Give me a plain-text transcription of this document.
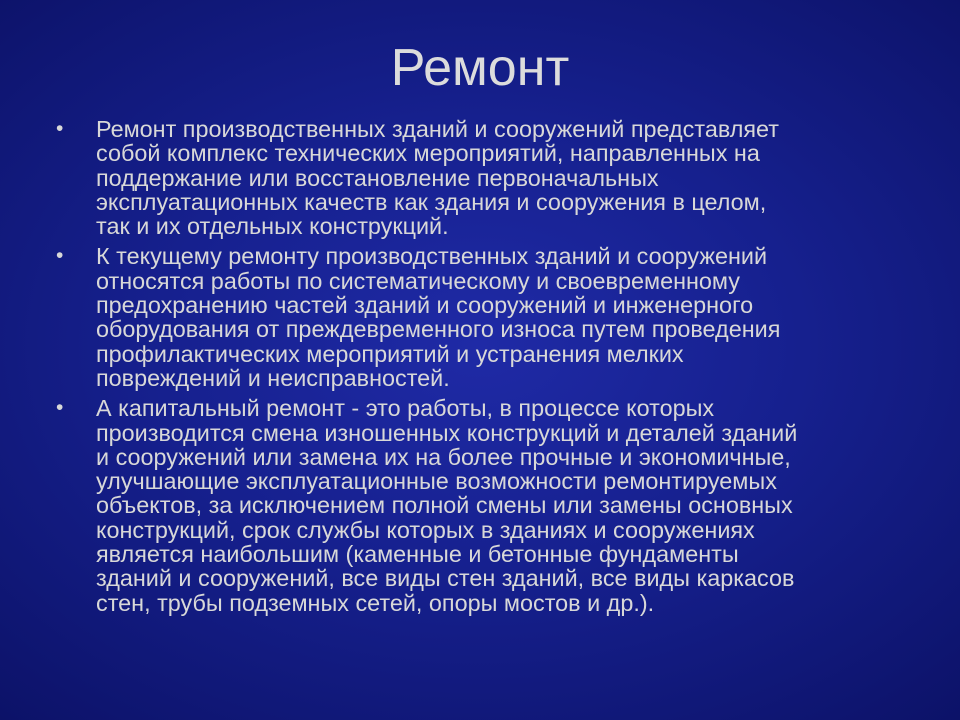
Ремонт
•	Ремонт производственных зданий и сооружений представляет
собой комплекс технических мероприятий, направленных на
поддержание или восстановление первоначальных
эксплуатационных качеств как здания и сооружения в целом,
так и их отдельных конструкций.
•	К текущему ремонту производственных зданий и сооружений
относятся работы по систематическому и своевременному
предохранению частей зданий и сооружений и инженерного
оборудования от преждевременного износа путем проведения
профилактических мероприятий и устранения мелких
повреждений и неисправностей.
•	А капитальный ремонт - это работы, в процессе которых
производится смена изношенных конструкций и деталей зданий
и сооружений или замена их на более прочные и экономичные,
улучшающие эксплуатационные возможности ремонтируемых
объектов, за исключением полной смены или замены основных
конструкций, срок службы которых в зданиях и сооружениях
является наибольшим (каменные и бетонные фундаменты
зданий и сооружений, все виды стен зданий, все виды каркасов
стен, трубы подземных сетей, опоры мостов и др.).
